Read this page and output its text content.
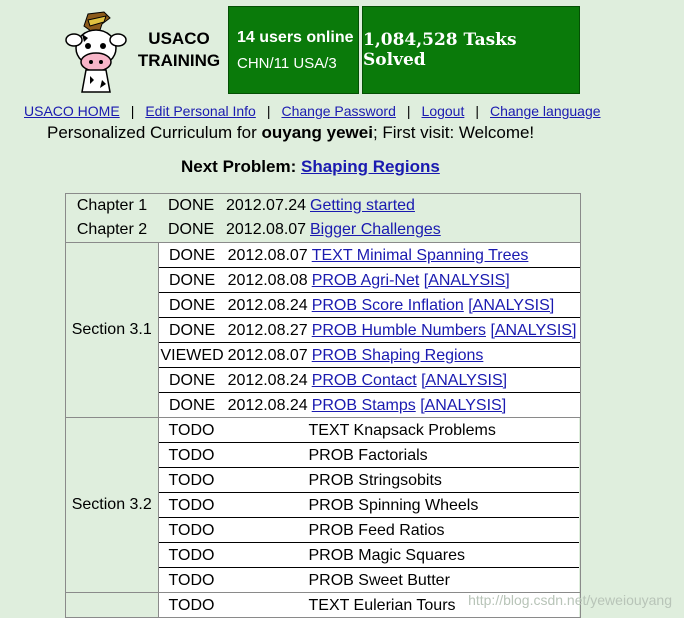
USACO
TRAINING
14 users online
CHN/11 USA/3
1,084,528 Tasks Solved
USACO HOME | Edit Personal Info | Change Password | Logout | Change language
Personalized Curriculum for ouyang yewei; First visit: Welcome!
Next Problem: Shaping Regions
Chapter 1	DONE 2012.07.24 Getting started
Chapter 2	DONE 2012.08.07 Bigger Challenges
Section 3.1	
DONE	2012.08.07	TEXT Minimal Spanning Trees
DONE	2012.08.08	PROB Agri-Net [ANALYSIS]
DONE	2012.08.24	PROB Score Inflation [ANALYSIS]
DONE	2012.08.27	PROB Humble Numbers [ANALYSIS]
VIEWED	2012.08.07	PROB Shaping Regions
DONE	2012.08.24	PROB Contact [ANALYSIS]
DONE	2012.08.24	PROB Stamps [ANALYSIS]

Section 3.2	
TODO		TEXT Knapsack Problems
TODO		PROB Factorials
TODO		PROB Stringsobits
TODO		PROB Spinning Wheels
TODO		PROB Feed Ratios
TODO		PROB Magic Squares
TODO		PROB Sweet Butter

TODO		TEXT Eulerian Tours http://blog.csdn.net/yeweiouyang
